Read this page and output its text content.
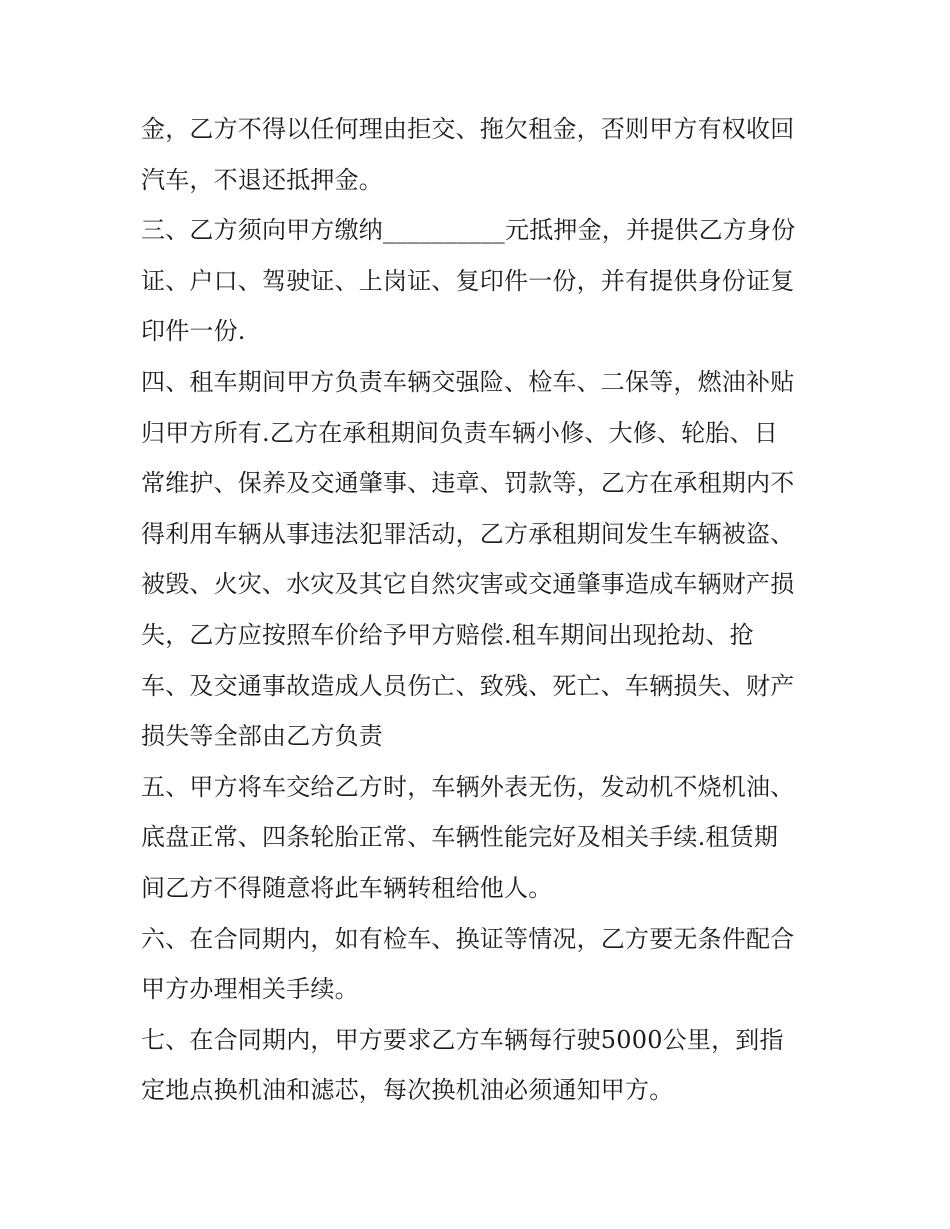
金，乙方不得以任何理由拒交、拖欠租金，否则甲方有权收回
汽车，不退还抵押金。
三、乙方须向甲方缴纳__________元抵押金，并提供乙方身份
证、户口、驾驶证、上岗证、复印件一份，并有提供身份证复
印件一份.
四、租车期间甲方负责车辆交强险、检车、二保等，燃油补贴
归甲方所有.乙方在承租期间负责车辆小修、大修、轮胎、日
常维护、保养及交通肇事、违章、罚款等，乙方在承租期内不
得利用车辆从事违法犯罪活动，乙方承租期间发生车辆被盗、
被毁、火灾、水灾及其它自然灾害或交通肇事造成车辆财产损
失，乙方应按照车价给予甲方赔偿.租车期间出现抢劫、抢
车、及交通事故造成人员伤亡、致残、死亡、车辆损失、财产
损失等全部由乙方负责
五、甲方将车交给乙方时，车辆外表无伤，发动机不烧机油、
底盘正常、四条轮胎正常、车辆性能完好及相关手续.租赁期
间乙方不得随意将此车辆转租给他人。
六、在合同期内，如有检车、换证等情况，乙方要无条件配合
甲方办理相关手续。
七、在合同期内，甲方要求乙方车辆每行驶5000公里，到指
定地点换机油和滤芯，每次换机油必须通知甲方。
